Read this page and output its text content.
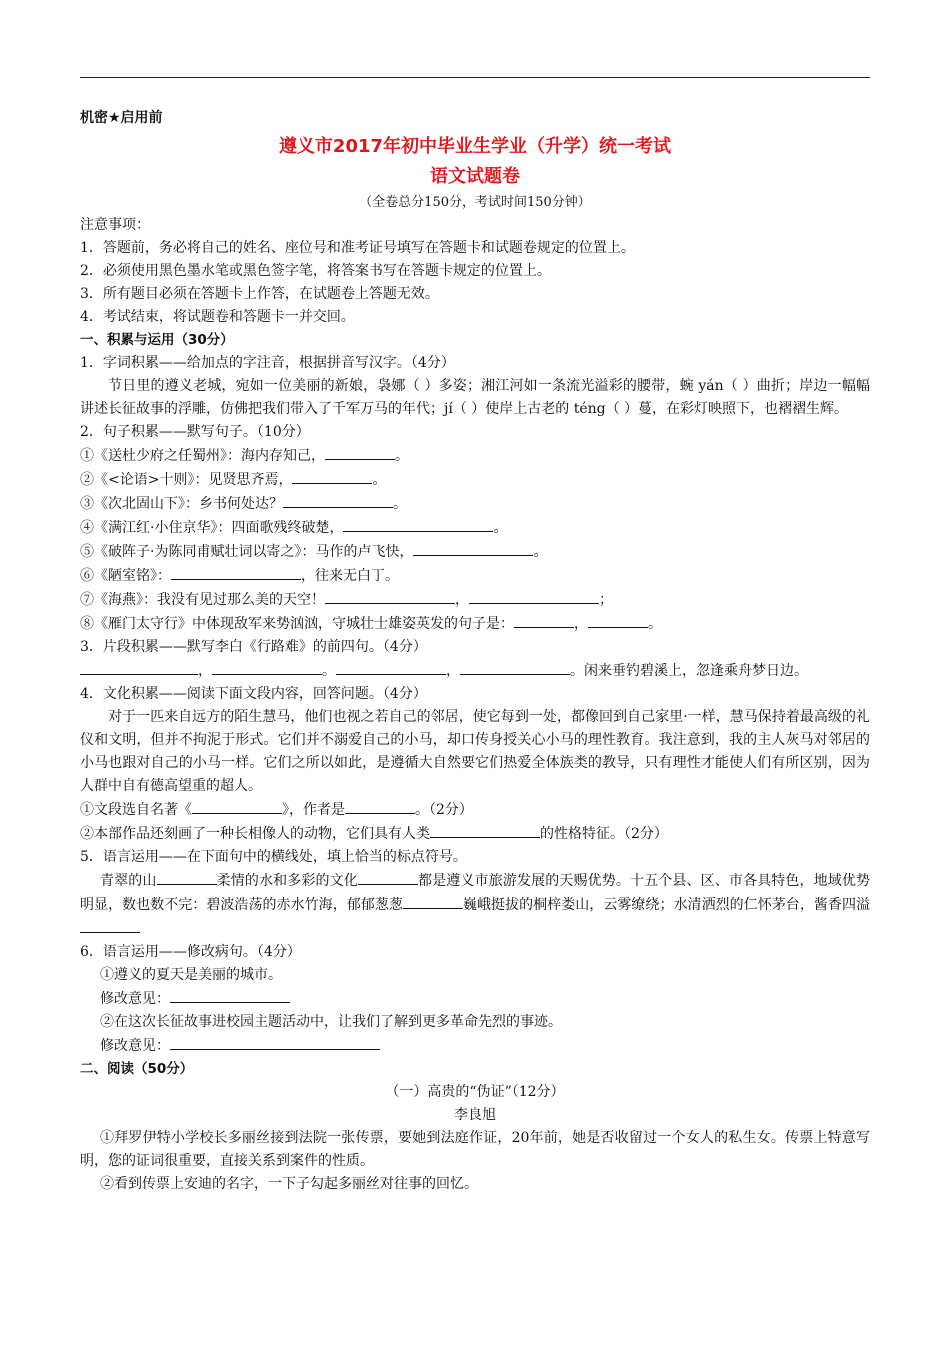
机密★启用前
遵义市2017年初中毕业生学业（升学）统一考试
语文试题卷
（全卷总分150分，考试时间150分钟）
注意事项：
1．答题前，务必将自己的姓名、座位号和准考证号填写在答题卡和试题卷规定的位置上。
2．必须使用黑色墨水笔或黑色签字笔，将答案书写在答题卡规定的位置上。
3．所有题目必须在答题卡上作答，在试题卷上答题无效。
4．考试结束，将试题卷和答题卡一并交回。
一、积累与运用（30分）
1．字词积累——给加点的字注音，根据拼音写汉字。（4分）
节日里的遵义老城，宛如一位美丽的新娘，袅娜（ ）多姿；湘江河如一条流光溢彩的腰带，蜿 yán（ ）曲折；岸边一幅幅讲述长征故事的浮雕，仿佛把我们带入了千军万马的年代；jí（ ）使岸上古老的 téng（ ）蔓，在彩灯映照下，也褶褶生辉。
2．句子积累——默写句子。（10分）
①《送杜少府之任蜀州》：海内存知己，	。
②《<论语>十则》：见贤思齐焉，	。
③《次北固山下》：乡书何处达？	。
④《满江红·小住京华》：四面歌残终破楚，	。
⑤《破阵子·为陈同甫赋壮词以寄之》：马作的卢飞快，	。
⑥《陋室铭》：	，往来无白丁。
⑦《海燕》：我没有见过那么美的天空！	，	；
⑧《雁门太守行》中体现敌军来势汹汹，守城壮士雄姿英发的句子是：	，	。
3．片段积累——默写李白《行路难》的前四句。（4分）
，	。	，	。闲来垂钓碧溪上，忽逢乘舟梦日边。
4．文化积累——阅读下面文段内容，回答问题。（4分）
对于一匹来自远方的陌生慧马，他们也视之若自己的邻居，使它每到一处，都像回到自己家里·一样，慧马保持着最高级的礼仪和文明，但并不拘泥于形式。它们并不溺爱自己的小马，却口传身授关心小马的理性教育。我注意到，我的主人灰马对邻居的小马也跟对自己的小马一样。它们之所以如此，是遵循大自然要它们热爱全体族类的教导，只有理性才能使人们有所区别，因为人群中自有德高望重的超人。
①文段选自名著《	》，作者是	。（2分）
②本部作品还刻画了一种长相像人的动物，它们具有人类	的性格特征。（2分）
5．语言运用——在下面句中的横线处，填上恰当的标点符号。
青翠的山	柔情的水和多彩的文化	都是遵义市旅游发展的天赐优势。十五个县、区、市各具特色，地域优势明显，数也数不完：碧波浩荡的赤水竹海，郁郁葱葱	巍峨挺拔的桐梓娄山，云雾缭绕；水清洒烈的仁怀茅台，酱香四溢
6．语言运用——修改病句。（4分）
①遵义的夏天是美丽的城市。
修改意见：
②在这次长征故事进校园主题活动中，让我们了解到更多革命先烈的事迹。
修改意见：
二、阅读（50分）
（一）高贵的“伪证”（12分）
李良旭
①拜罗伊特小学校长多丽丝接到法院一张传票，要她到法庭作证，20年前，她是否收留过一个女人的私生女。传票上特意写明，您的证词很重要，直接关系到案件的性质。
②看到传票上安迪的名字，一下子勾起多丽丝对往事的回忆。
